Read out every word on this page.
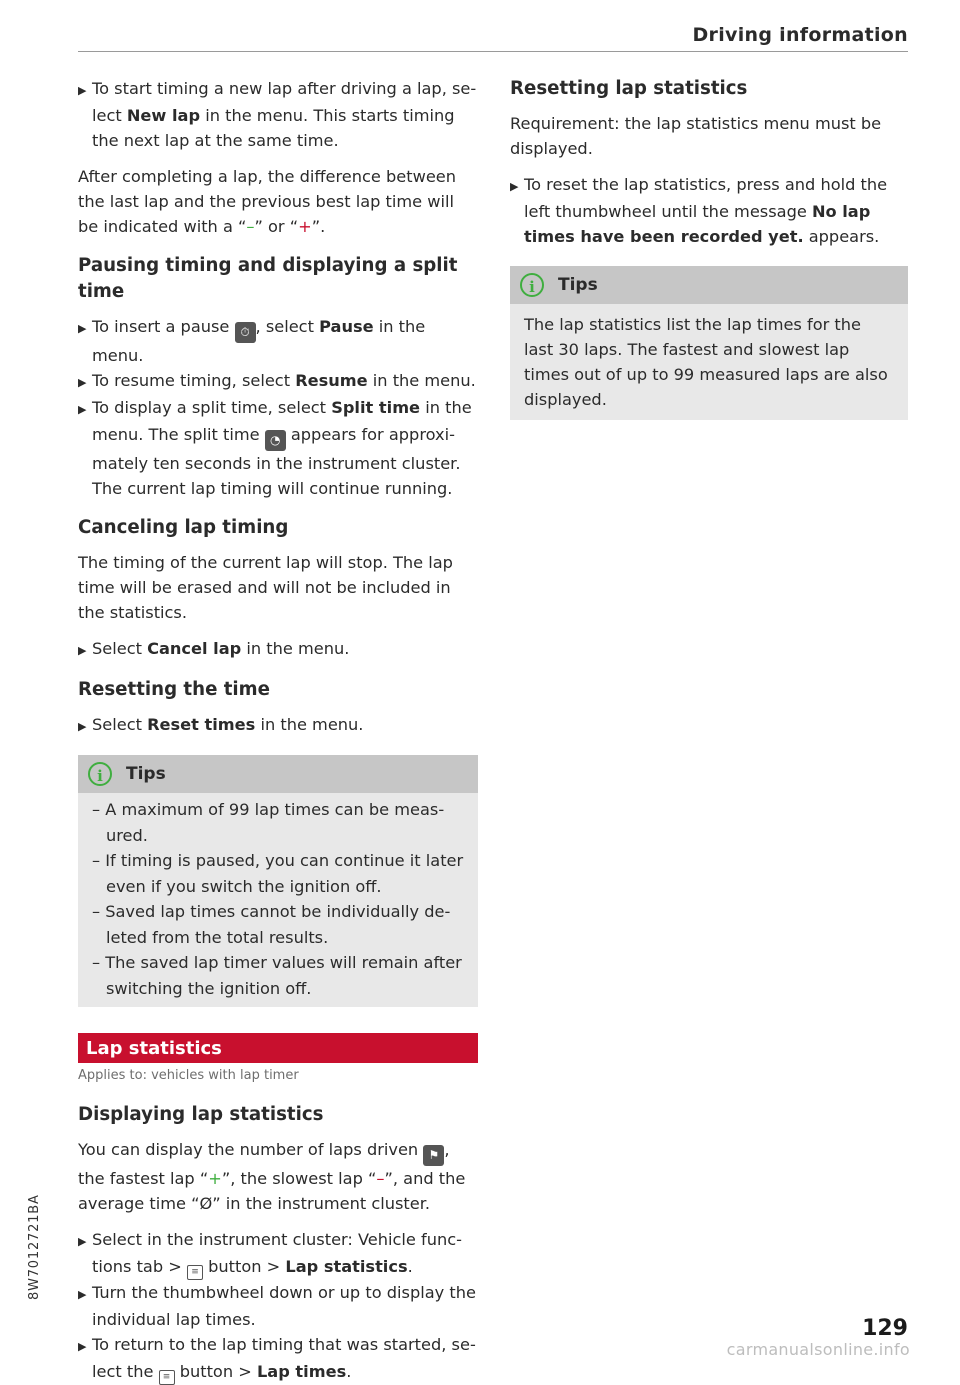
Driving information

▶ To start timing a new lap after driving a lap, se-lect New lap in the menu. This starts timing the next lap at the same time.

After completing a lap, the difference between the last lap and the previous best lap time will be indicated with a “–” or “+”.

Pausing timing and displaying a split time

▶ To insert a pause ⏱ , select Pause in the menu.

▶ To resume timing, select Resume in the menu.

▶ To display a split time, select Split time in the menu. The split time ◔ appears for approxi-mately ten seconds in the instrument cluster. The current lap timing will continue running.

Canceling lap timing

The timing of the current lap will stop. The lap time will be erased and will not be included in the statistics.

▶ Select Cancel lap in the menu.

Resetting the time

▶ Select Reset times in the menu.

i	Tips

– A maximum of 99 lap times can be meas-ured.

– If timing is paused, you can continue it later even if you switch the ignition off.

– Saved lap times cannot be individually de-leted from the total results.

– The saved lap timer values will remain after switching the ignition off.

Lap statistics
Applies to: vehicles with lap timer
Displaying lap statistics

You can display the number of laps driven ⚑ , the fastest lap “+”, the slowest lap “–”, and the average time “Ø” in the instrument cluster.

▶ Select in the instrument cluster: Vehicle func-tions tab > ≡ button > Lap statistics.

▶ Turn the thumbwheel down or up to display the individual lap times.

▶ To return to the lap timing that was started, se-lect the ≡ button > Lap times.

Resetting lap statistics

Requirement: the lap statistics menu must be displayed.

▶ To reset the lap statistics, press and hold the left thumbwheel until the message No lap times have been recorded yet. appears.

i	Tips

The lap statistics list the lap times for the last 30 laps. The fastest and slowest lap times out of up to 99 measured laps are also displayed.

8W7012721BA
129
carmanualsonline.info
